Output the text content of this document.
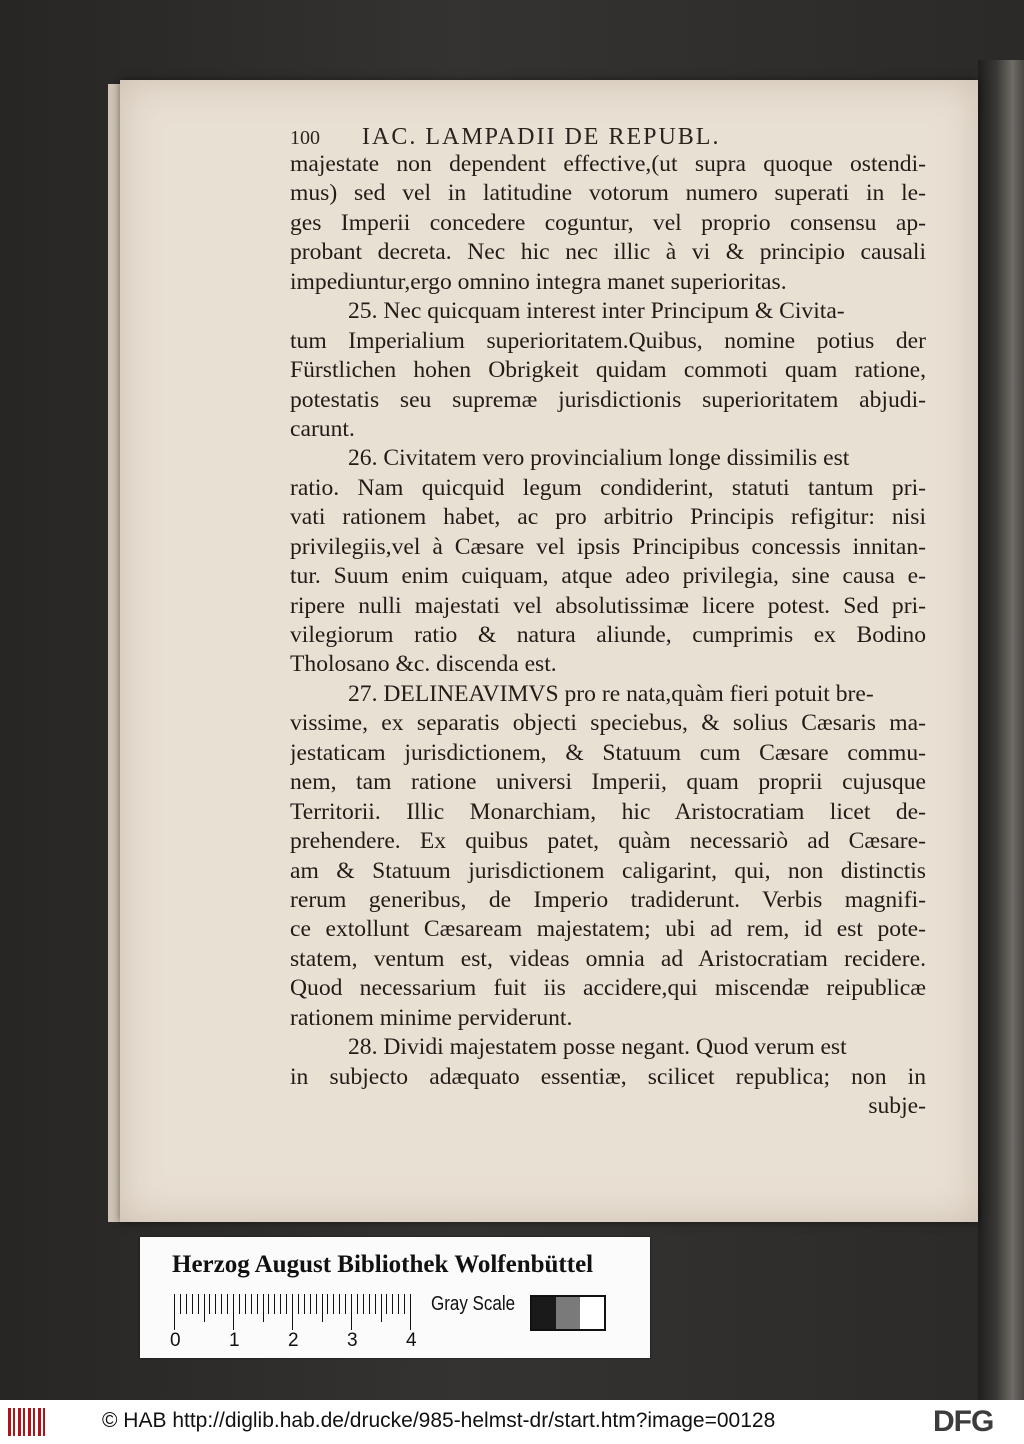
100 IAC. LAMPADII DE REPUBL.
majestate non dependent effective,(ut supra quoque ostendi-
mus) sed vel in latitudine votorum numero superati in le-
ges Imperii concedere coguntur, vel proprio consensu ap-
probant decreta. Nec hic nec illic à vi & principio causali
impediuntur,ergo omnino integra manet superioritas.
25. Nec quicquam interest inter Principum & Civita-
tum Imperialium superioritatem.Quibus, nomine potius der
Fürstlichen hohen Obrigkeit quidam commoti quam ratione,
potestatis seu supremæ jurisdictionis superioritatem abjudi-
carunt.
26. Civitatem vero provincialium longe dissimilis est
ratio. Nam quicquid legum condiderint, statuti tantum pri-
vati rationem habet, ac pro arbitrio Principis refigitur: nisi
privilegiis,vel à Cæsare vel ipsis Principibus concessis innitan-
tur. Suum enim cuiquam, atque adeo privilegia, sine causa e-
ripere nulli majestati vel absolutissimæ licere potest. Sed pri-
vilegiorum ratio & natura aliunde, cumprimis ex Bodino
Tholosano &c. discenda est.
27. DELINEAVIMVS pro re nata,quàm fieri potuit bre-
vissime, ex separatis objecti speciebus, & solius Cæsaris ma-
jestaticam jurisdictionem, & Statuum cum Cæsare commu-
nem, tam ratione universi Imperii, quam proprii cujusque
Territorii. Illic Monarchiam, hic Aristocratiam licet de-
prehendere. Ex quibus patet, quàm necessariò ad Cæsare-
am & Statuum jurisdictionem caligarint, qui, non distinctis
rerum generibus, de Imperio tradiderunt. Verbis magnifi-
ce extollunt Cæsaream majestatem; ubi ad rem, id est pote-
statem, ventum est, videas omnia ad Aristocratiam recidere.
Quod necessarium fuit iis accidere,qui miscendæ reipublicæ
rationem minime perviderunt.
28. Dividi majestatem posse negant. Quod verum est
in subjecto adæquato essentiæ, scilicet republica; non in
subje-
Herzog August Bibliothek Wolfenbüttel
0	1	2	3	4
Gray Scale
© HAB http://diglib.hab.de/drucke/985-helmst-dr/start.htm?image=00128	DFG
